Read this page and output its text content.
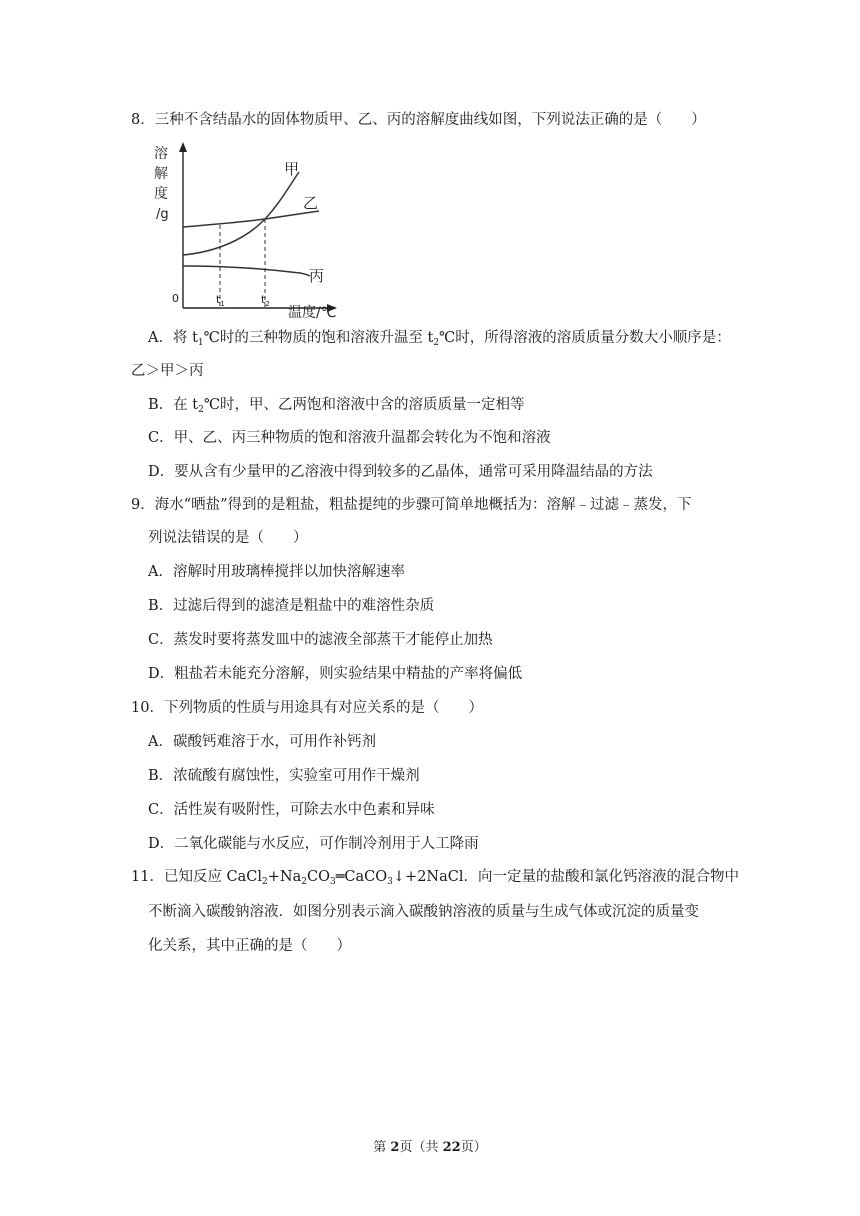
8．三种不含结晶水的固体物质甲、乙、丙的溶解度曲线如图，下列说法正确的是（　　）
溶
解
度
/g
甲
乙
丙
0	$t_1$	$t_2$
温度/℃
A．将 $t_1℃$时的三种物质的饱和溶液升温至 $t_2℃$时，所得溶液的溶质质量分数大小顺序是：
乙＞甲＞丙
B．在 $t_2℃$时，甲、乙两饱和溶液中含的溶质质量一定相等
C．甲、乙、丙三种物质的饱和溶液升温都会转化为不饱和溶液
D．要从含有少量甲的乙溶液中得到较多的乙晶体，通常可采用降温结晶的方法
9．海水“晒盐”得到的是粗盐，粗盐提纯的步骤可简单地概括为：溶解﹣过滤﹣蒸发，下
列说法错误的是（　　）
A．溶解时用玻璃棒搅拌以加快溶解速率
B．过滤后得到的滤渣是粗盐中的难溶性杂质
C．蒸发时要将蒸发皿中的滤液全部蒸干才能停止加热
D．粗盐若未能充分溶解，则实验结果中精盐的产率将偏低
10．下列物质的性质与用途具有对应关系的是（　　）
A．碳酸钙难溶于水，可用作补钙剂
B．浓硫酸有腐蚀性，实验室可用作干燥剂
C．活性炭有吸附性，可除去水中色素和异味
D．二氧化碳能与水反应，可作制冷剂用于人工降雨
11．已知反应 $CaCl_2+Na_2CO_3═CaCO_3↓+2NaCl$．向一定量的盐酸和氯化钙溶液的混合物中
不断滴入碳酸钠溶液．如图分别表示滴入碳酸钠溶液的质量与生成气体或沉淀的质量变
化关系，其中正确的是（　　）
第 2页（共 22页）
